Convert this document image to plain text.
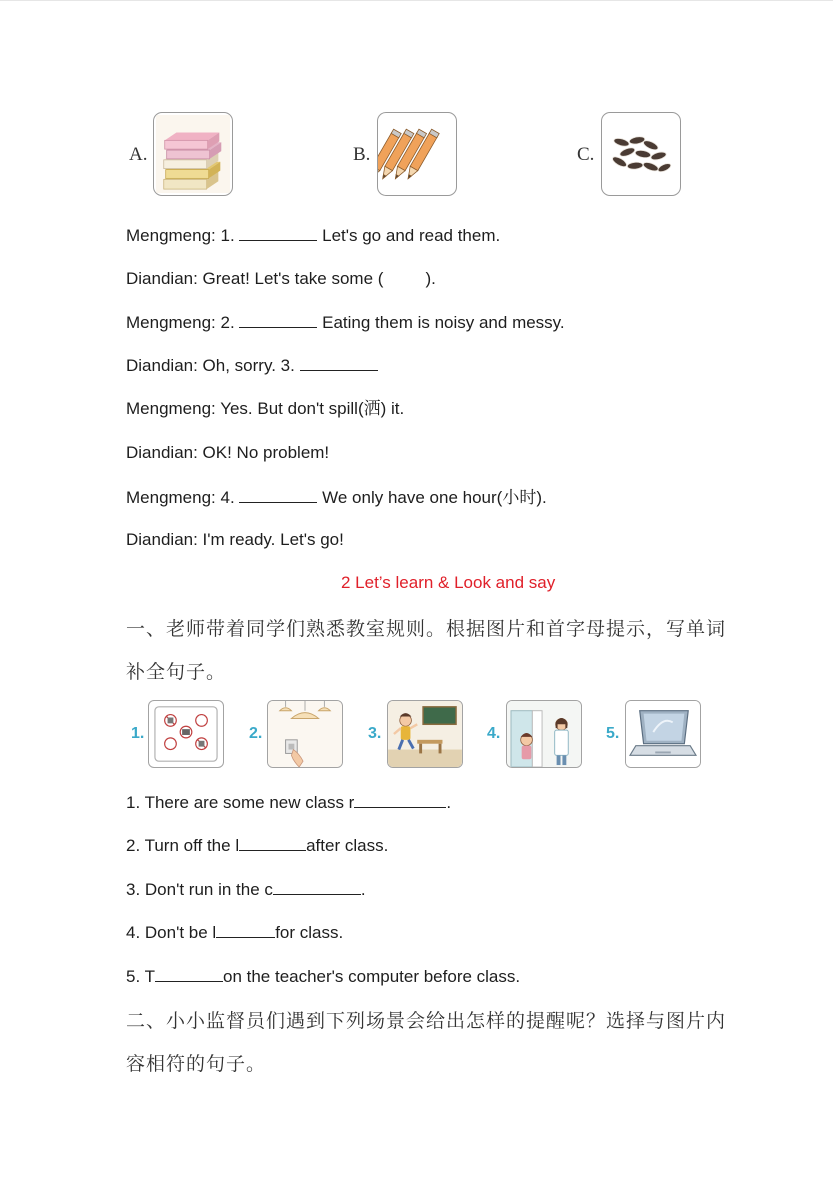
A.	B.	C.
Mengmeng: 1.	Let's go and read them.
Diandian: Great! Let's take some ( ).
Mengmeng: 2.	Eating them is noisy and messy.
Diandian: Oh, sorry. 3.
Mengmeng: Yes. But don't spill(洒) it.
Diandian: OK! No problem!
Mengmeng: 4.	We only have one hour(小时).
Diandian: I'm ready. Let's go!
2 Let’s learn & Look and say
一、老师带着同学们熟悉教室规则。根据图片和首字母提示，写单词
补全句子。
1.	2.	3.	4.	5.
1. There are some new class r	.
2. Turn off the l	after class.
3. Don't run in the c	.
4. Don't be l	for class.
5. T	on the teacher's computer before class.
二、小小监督员们遇到下列场景会给出怎样的提醒呢？选择与图片内
容相符的句子。
